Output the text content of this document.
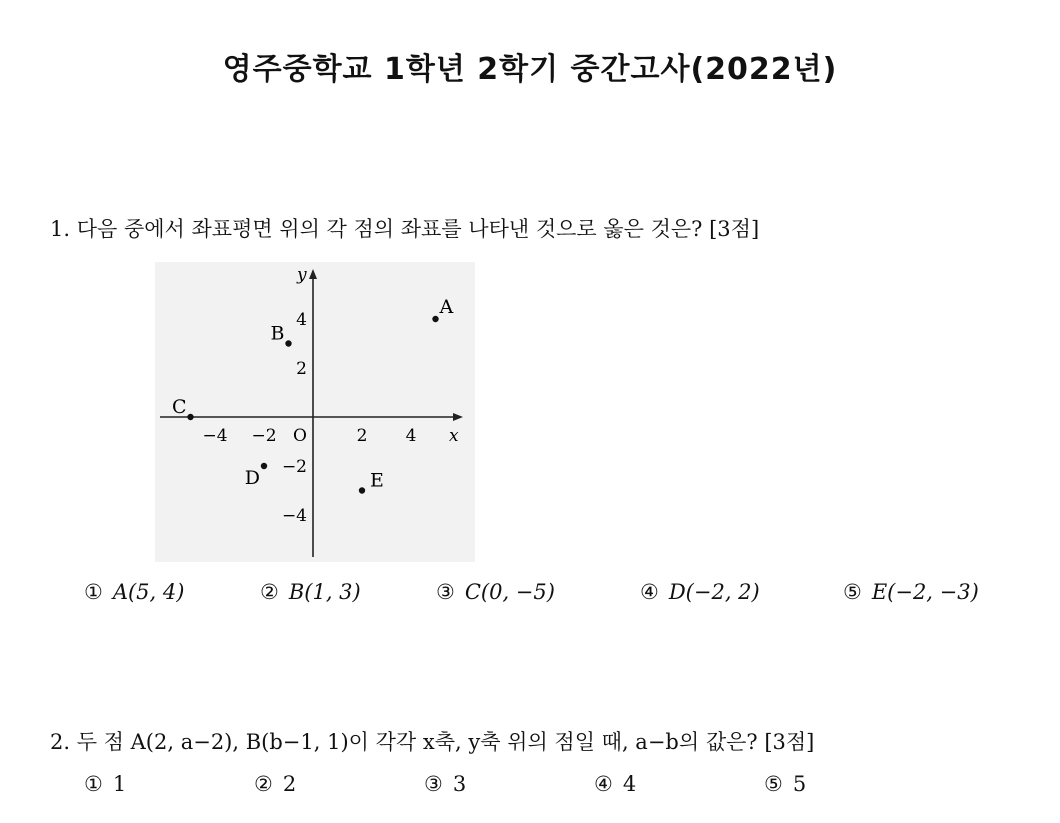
영주중학교 1학년 2학기 중간고사(2022년)
1. 다음 중에서 좌표평면 위의 각 점의 좌표를 나타낸 것으로 옳은 것은? [3점]
x
y
O
−4 −2	2 4
4
2
−2
−4
A
B
C
D	E
① A(5, 4)	② B(1, 3)	③ C(0, −5)	④ D(−2, 2)	⑤ E(−2, −3)
2. 두 점 A(2, a−2), B(b−1, 1)이 각각 x축, y축 위의 점일 때, a−b의 값은? [3점]
① 1	② 2	③ 3	④ 4	⑤ 5
